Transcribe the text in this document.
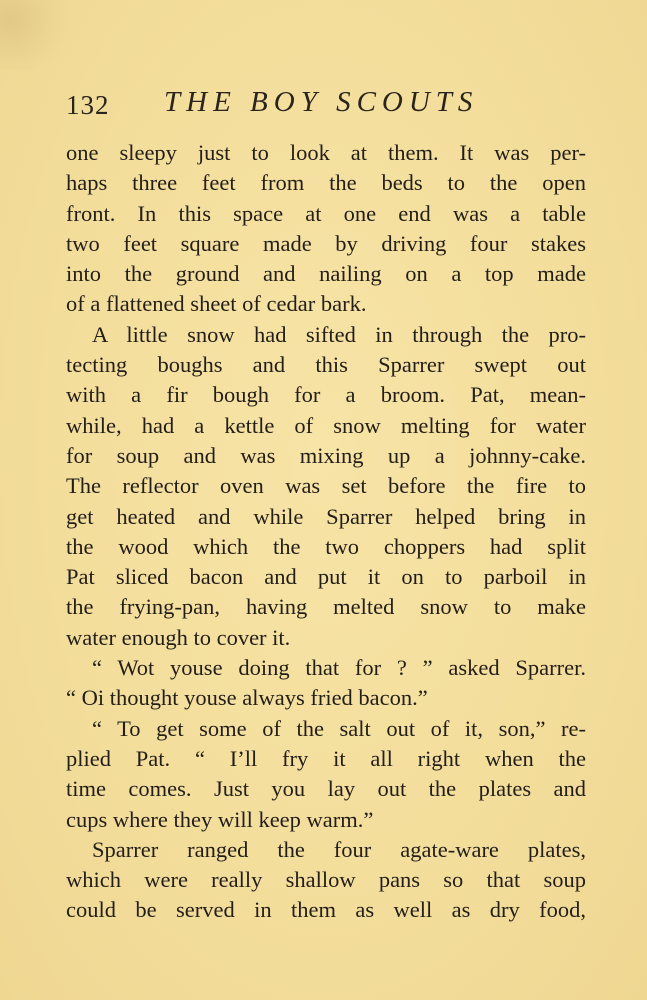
132 THE BOY SCOUTS
one sleepy just to look at them. It was per-
haps three feet from the beds to the open
front. In this space at one end was a table
two feet square made by driving four stakes
into the ground and nailing on a top made
of a flattened sheet of cedar bark.
A little snow had sifted in through the pro-
tecting boughs and this Sparrer swept out
with a fir bough for a broom. Pat, mean-
while, had a kettle of snow melting for water
for soup and was mixing up a johnny-cake.
The reflector oven was set before the fire to
get heated and while Sparrer helped bring in
the wood which the two choppers had split
Pat sliced bacon and put it on to parboil in
the frying-pan, having melted snow to make
water enough to cover it.
“ Wot youse doing that for ? ” asked Sparrer.
“ Oi thought youse always fried bacon.”
“ To get some of the salt out of it, son,” re-
plied Pat. “ I’ll fry it all right when the
time comes. Just you lay out the plates and
cups where they will keep warm.”
Sparrer ranged the four agate-ware plates,
which were really shallow pans so that soup
could be served in them as well as dry food,
